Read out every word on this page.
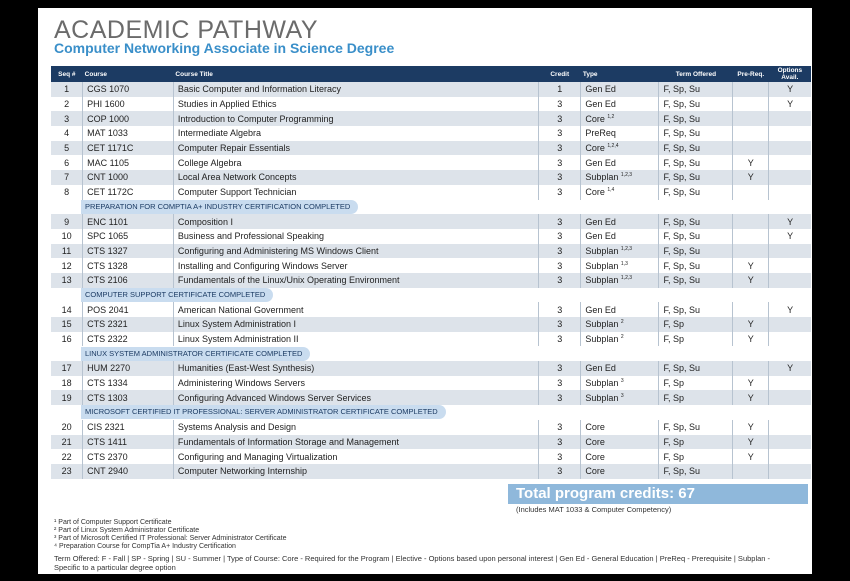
ACADEMIC PATHWAY
Computer Networking Associate in Science Degree
Seq #	Course	Course Title	Credit	Type	Term Offered	Pre-Req.	Options Avail.
1	CGS 1070	Basic Computer and Information Literacy	1	Gen Ed	F, Sp, Su		Y
2	PHI 1600	Studies in Applied Ethics	3	Gen Ed	F, Sp, Su		Y
3	COP 1000	Introduction to Computer Programming	3	Core $^{1,2}$	F, Sp, Su		
4	MAT 1033	Intermediate Algebra	3	PreReq	F, Sp, Su		
5	CET 1171C	Computer Repair Essentials	3	Core $^{1,2,4}$	F, Sp, Su		
6	MAC 1105	College Algebra	3	Gen Ed	F, Sp, Su	Y	
7	CNT 1000	Local Area Network Concepts	3	Subplan $^{1,2,3}$	F, Sp, Su	Y	
8	CET 1172C	Computer Support Technician	3	Core $^{1,4}$	F, Sp, Su		
PREPARATION FOR COMPTIA A+ INDUSTRY CERTIFICATION COMPLETED							
9	ENC 1101	Composition I	3	Gen Ed	F, Sp, Su		Y
10	SPC 1065	Business and Professional Speaking	3	Gen Ed	F, Sp, Su		Y
11	CTS 1327	Configuring and Administering MS Windows Client	3	Subplan $^{1,2,3}$	F, Sp, Su		
12	CTS 1328	Installing and Configuring Windows Server	3	Subplan $^{1,3}$	F, Sp, Su	Y	
13	CTS 2106	Fundamentals of the Linux/Unix Operating Environment	3	Subplan $^{1,2,3}$	F, Sp, Su	Y	
COMPUTER SUPPORT CERTIFICATE COMPLETED							
14	POS 2041	American National Government	3	Gen Ed	F, Sp, Su		Y
15	CTS 2321	Linux System Administration I	3	Subplan $^2$	F, Sp	Y	
16	CTS 2322	Linux System Administration II	3	Subplan $^2$	F, Sp	Y	
LINUX SYSTEM ADMINISTRATOR CERTIFICATE COMPLETED							
17	HUM 2270	Humanities (East-West Synthesis)	3	Gen Ed	F, Sp, Su		Y
18	CTS 1334	Administering Windows Servers	3	Subplan $^3$	F, Sp	Y	
19	CTS 1303	Configuring Advanced Windows Server Services	3	Subplan $^3$	F, Sp	Y	
MICROSOFT CERTIFIED IT PROFESSIONAL: SERVER ADMINISTRATOR CERTIFICATE COMPLETED							
20	CIS 2321	Systems Analysis and Design	3	Core	F, Sp, Su	Y	
21	CTS 1411	Fundamentals of Information Storage and Management	3	Core	F, Sp	Y	
22	CTS 2370	Configuring and Managing Virtualization	3	Core	F, Sp	Y	
23	CNT 2940	Computer Networking Internship	3	Core	F, Sp, Su		
Total program credits: 67
(Includes MAT 1033 & Computer Competency)
¹ Part of Computer Support Certificate
² Part of Linux System Administrator Certificate
³ Part of Microsoft Certified IT Professional: Server Administrator Certificate
⁴ Preparation Course for CompTia A+ Industry Certification
Term Offered: F - Fall | SP - Spring | SU - Summer | Type of Course: Core - Required for the Program | Elective - Options based upon personal interest | Gen Ed - General Education | PreReq - Prerequisite | Subplan - Specific to a particular degree option
